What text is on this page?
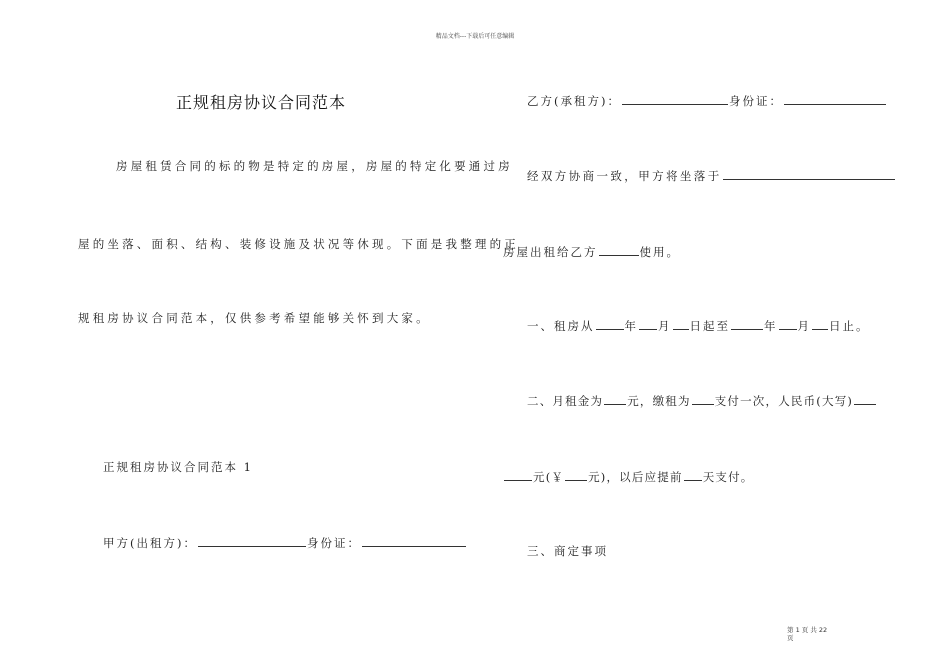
精品文档---下载后可任意编辑
正规租房协议合同范本
房屋租赁合同的标的物是特定的房屋，房屋的特定化要通过房
屋的坐落、面积、结构、装修设施及状况等休现。下面是我整理的正
规租房协议合同范本，仅供参考希望能够关怀到大家。
正规租房协议合同范本 1
甲方(出租方)：	身份证：
乙方(承租方)：	身份证：
经双方协商一致，甲方将坐落于
房屋出租给乙方	使用。
一、租房从	年 月 日起至	年 月 日止。
二、月租金为 元，缴租为 支付一次，人民币(大写)
元(￥ 元)，以后应提前 天支付。
三、商定事项
第 1 页 共 22
页
